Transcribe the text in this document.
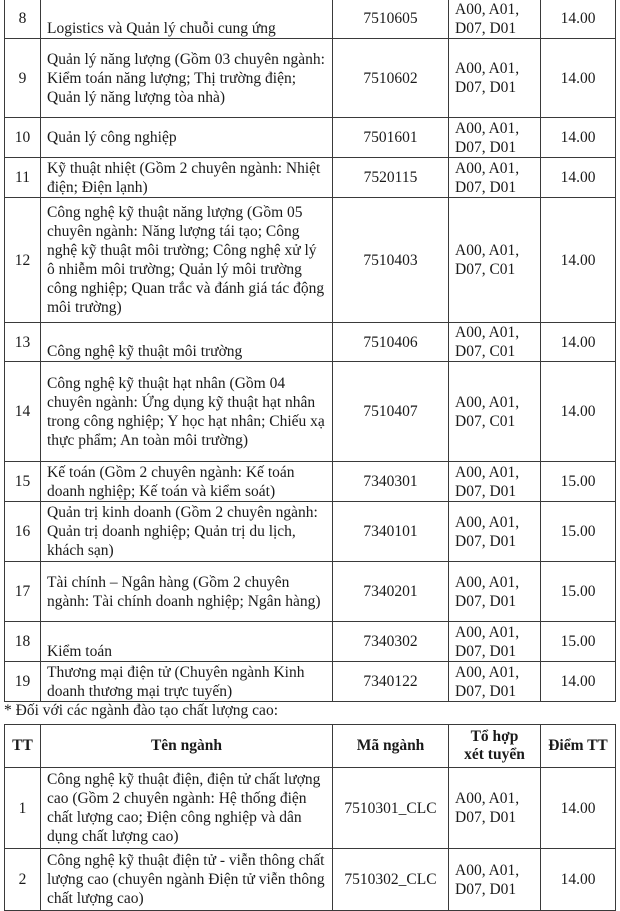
8	Logistics và Quản lý chuỗi cung ứng	7510605	A00, A01, D07, D01	14.00
9	Quản lý năng lượng (Gồm 03 chuyên ngành: Kiểm toán năng lượng; Thị trường điện; Quản lý năng lượng tòa nhà)	7510602	A00, A01, D07, D01	14.00
10	Quản lý công nghiệp	7501601	A00, A01, D07, D01	14.00
11	Kỹ thuật nhiệt (Gồm 2 chuyên ngành: Nhiệt điện; Điện lạnh)	7520115	A00, A01, D07, D01	14.00
12	Công nghệ kỹ thuật năng lượng (Gồm 05 chuyên ngành: Năng lượng tái tạo; Công nghệ kỹ thuật môi trường; Công nghệ xử lý ô nhiễm môi trường; Quản lý môi trường công nghiệp; Quan trắc và đánh giá tác động môi trường)	7510403	A00, A01, D07, C01	14.00
13	Công nghệ kỹ thuật môi trường	7510406	A00, A01, D07, C01	14.00
14	Công nghệ kỹ thuật hạt nhân (Gồm 04 chuyên ngành: Ứng dụng kỹ thuật hạt nhân trong công nghiệp; Y học hạt nhân; Chiếu xạ thực phẩm; An toàn môi trường)	7510407	A00, A01, D07, C01	14.00
15	Kế toán (Gồm 2 chuyên ngành: Kế toán doanh nghiệp; Kế toán và kiểm soát)	7340301	A00, A01, D07, D01	15.00
16	Quản trị kinh doanh (Gồm 2 chuyên ngành: Quản trị doanh nghiệp; Quản trị du lịch, khách sạn)	7340101	A00, A01, D07, D01	15.00
17	Tài chính – Ngân hàng (Gồm 2 chuyên ngành: Tài chính doanh nghiệp; Ngân hàng)	7340201	A00, A01, D07, D01	15.00
18	Kiểm toán	7340302	A00, A01, D07, D01	15.00
19	Thương mại điện tử (Chuyên ngành Kinh doanh thương mại trực tuyến)	7340122	A00, A01, D07, D01	14.00
* Đối với các ngành đào tạo chất lượng cao:
TT	Tên ngành	Mã ngành	Tổ hợp xét tuyển	Điểm TT
1	Công nghệ kỹ thuật điện, điện tử chất lượng cao (Gồm 2 chuyên ngành: Hệ thống điện chất lượng cao; Điện công nghiệp và dân dụng chất lượng cao)	7510301_CLC	A00, A01, D07, D01	14.00
2	Công nghệ kỹ thuật điện tử - viễn thông chất lượng cao (chuyên ngành Điện tử viễn thông chất lượng cao)	7510302_CLC	A00, A01, D07, D01	14.00
